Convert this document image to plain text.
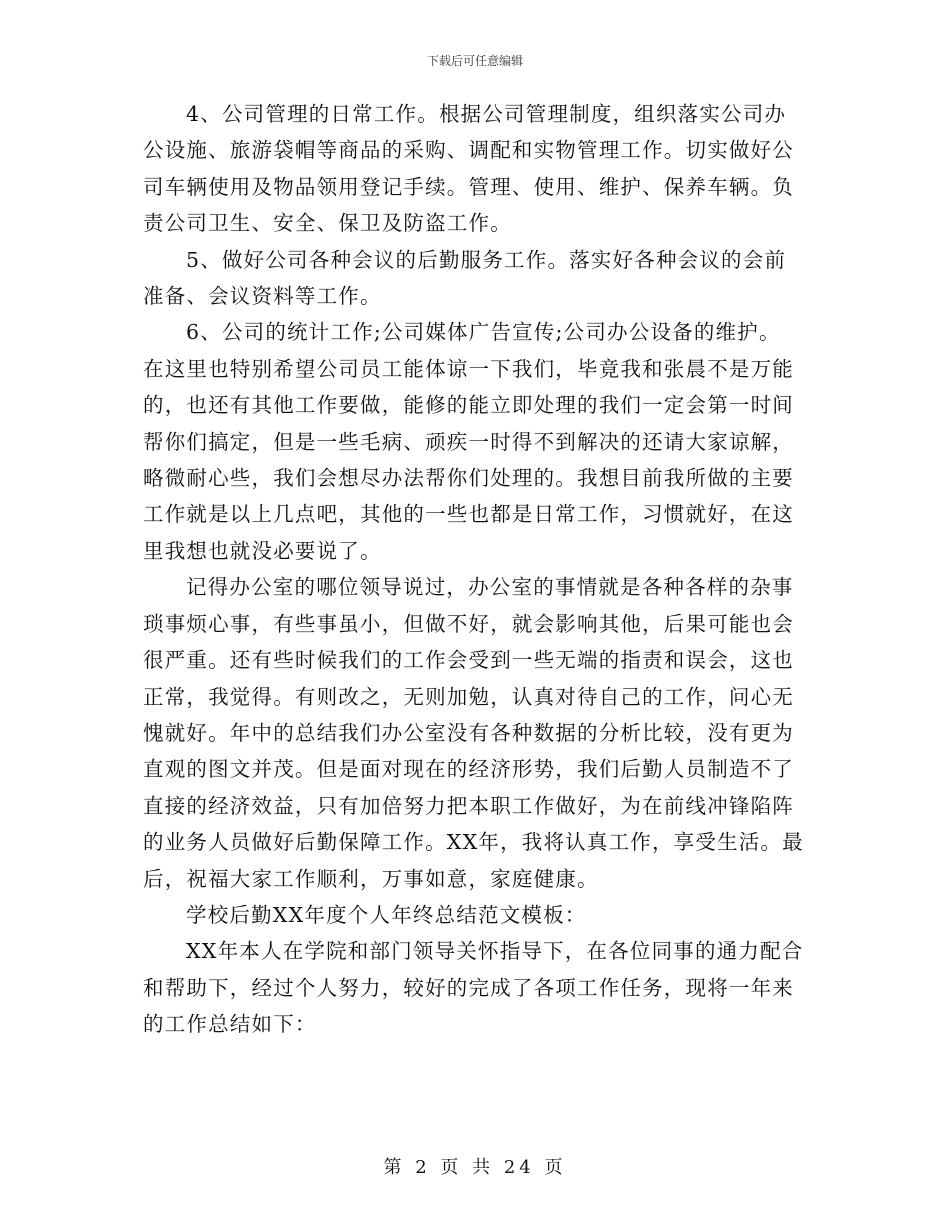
下载后可任意编辑

4、公司管理的日常工作。根据公司管理制度，组织落实公司办公设施、旅游袋帽等商品的采购、调配和实物管理工作。切实做好公司车辆使用及物品领用登记手续。管理、使用、维护、保养车辆。负责公司卫生、安全、保卫及防盗工作。

5、做好公司各种会议的后勤服务工作。落实好各种会议的会前准备、会议资料等工作。

6、公司的统计工作;公司媒体广告宣传;公司办公设备的维护。

在这里也特别希望公司员工能体谅一下我们，毕竟我和张晨不是万能的，也还有其他工作要做，能修的能立即处理的我们一定会第一时间帮你们搞定，但是一些毛病、顽疾一时得不到解决的还请大家谅解，略微耐心些，我们会想尽办法帮你们处理的。我想目前我所做的主要工作就是以上几点吧，其他的一些也都是日常工作，习惯就好，在这里我想也就没必要说了。

记得办公室的哪位领导说过，办公室的事情就是各种各样的杂事琐事烦心事，有些事虽小，但做不好，就会影响其他，后果可能也会很严重。还有些时候我们的工作会受到一些无端的指责和误会，这也正常，我觉得。有则改之，无则加勉，认真对待自己的工作，问心无愧就好。年中的总结我们办公室没有各种数据的分析比较，没有更为直观的图文并茂。但是面对现在的经济形势，我们后勤人员制造不了直接的经济效益，只有加倍努力把本职工作做好，为在前线冲锋陷阵的业务人员做好后勤保障工作。XX年，我将认真工作，享受生活。最后，祝福大家工作顺利，万事如意，家庭健康。

学校后勤XX年度个人年终总结范文模板：

XX年本人在学院和部门领导关怀指导下，在各位同事的通力配合和帮助下，经过个人努力，较好的完成了各项工作任务，现将一年来的工作总结如下：

第 2 页 共 24 页
